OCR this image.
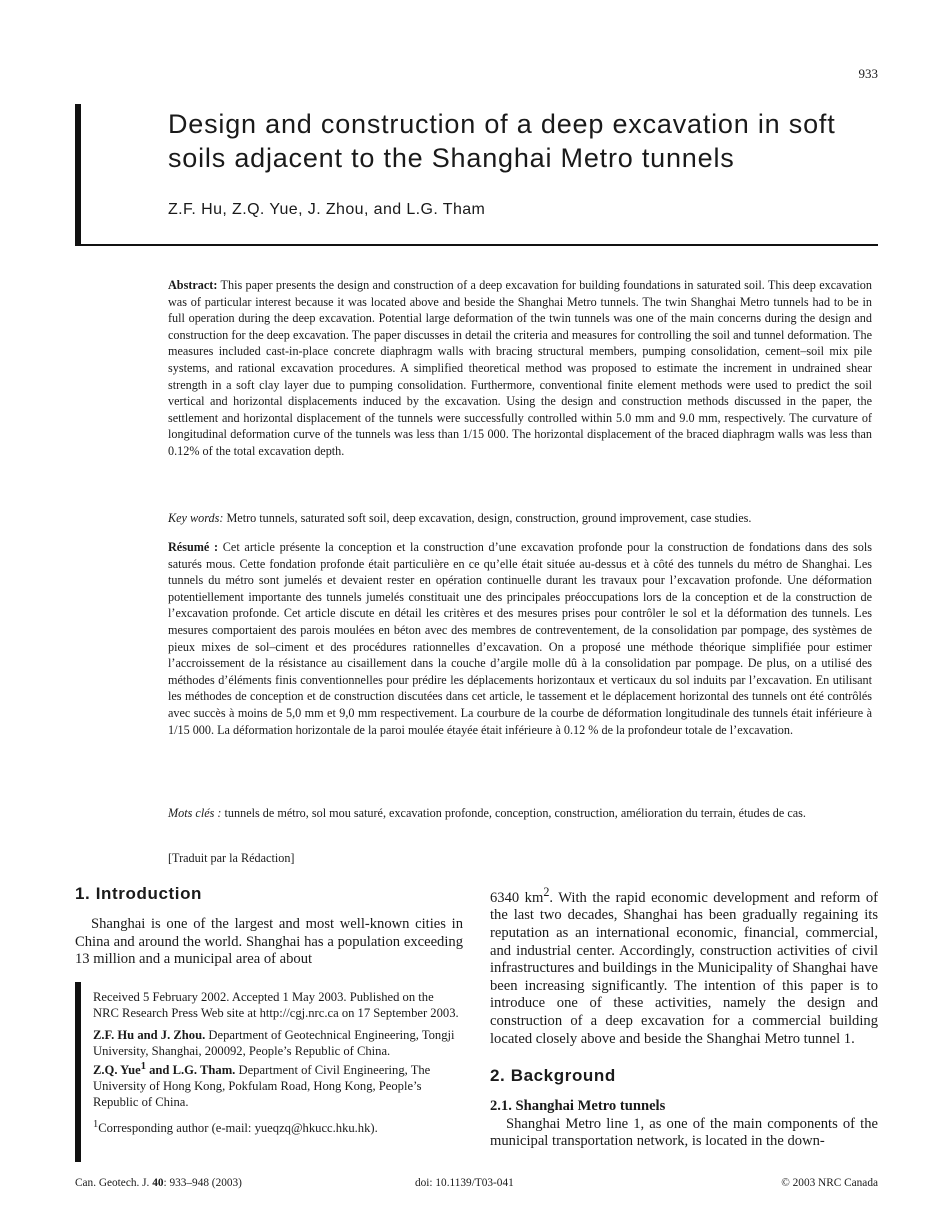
933
Design and construction of a deep excavation in soft soils adjacent to the Shanghai Metro tunnels
Z.F. Hu, Z.Q. Yue, J. Zhou, and L.G. Tham
Abstract: This paper presents the design and construction of a deep excavation for building foundations in saturated soil. This deep excavation was of particular interest because it was located above and beside the Shanghai Metro tunnels. The twin Shanghai Metro tunnels had to be in full operation during the deep excavation. Potential large deformation of the twin tunnels was one of the main concerns during the design and construction for the deep excavation. The paper discusses in detail the criteria and measures for controlling the soil and tunnel deformation. The measures included cast-in-place concrete diaphragm walls with bracing structural members, pumping consolidation, cement–soil mix pile systems, and rational excavation procedures. A simplified theoretical method was proposed to estimate the increment in undrained shear strength in a soft clay layer due to pumping consolidation. Furthermore, conventional finite element methods were used to predict the soil vertical and horizontal displacements induced by the excavation. Using the design and construction methods discussed in the paper, the settlement and horizontal displacement of the tunnels were successfully controlled within 5.0 mm and 9.0 mm, respectively. The curvature of longitudinal deformation curve of the tunnels was less than 1/15 000. The horizontal displacement of the braced diaphragm walls was less than 0.12% of the total excavation depth.
Key words: Metro tunnels, saturated soft soil, deep excavation, design, construction, ground improvement, case studies.
Résumé : Cet article présente la conception et la construction d’une excavation profonde pour la construction de fondations dans des sols saturés mous. Cette fondation profonde était particulière en ce qu’elle était située au-dessus et à côté des tunnels du métro de Shanghai. Les tunnels du métro sont jumelés et devaient rester en opération continuelle durant les travaux pour l’excavation profonde. Une déformation potentiellement importante des tunnels jumelés constituait une des principales préoccupations lors de la conception et de la construction de l’excavation profonde. Cet article discute en détail les critères et des mesures prises pour contrôler le sol et la déformation des tunnels. Les mesures comportaient des parois moulées en béton avec des membres de contreventement, de la consolidation par pompage, des systèmes de pieux mixes de sol–ciment et des procédures rationnelles d’excavation. On a proposé une méthode théorique simplifiée pour estimer l’accroissement de la résistance au cisaillement dans la couche d’argile molle dû à la consolidation par pompage. De plus, on a utilisé des méthodes d’éléments finis conventionnelles pour prédire les déplacements horizontaux et verticaux du sol induits par l’excavation. En utilisant les méthodes de conception et de construction discutées dans cet article, le tassement et le déplacement horizontal des tunnels ont été contrôlés avec succès à moins de 5,0 mm et 9,0 mm respectivement. La courbure de la courbe de déformation longitudinale des tunnels était inférieure à 1/15 000. La déformation horizontale de la paroi moulée étayée était inférieure à 0.12 % de la profondeur totale de l’excavation.
Mots clés : tunnels de métro, sol mou saturé, excavation profonde, conception, construction, amélioration du terrain, études de cas.
[Traduit par la Rédaction]
1. Introduction

Shanghai is one of the largest and most well-known cities in China and around the world. Shanghai has a population exceeding 13 million and a municipal area of about

Received 5 February 2002. Accepted 1 May 2003. Published on the NRC Research Press Web site at http://cgj.nrc.ca on 17 September 2003.

Z.F. Hu and J. Zhou. Department of Geotechnical Engineering, Tongji University, Shanghai, 200092, People’s Republic of China.

Z.Q. Yue$^1$ and L.G. Tham. Department of Civil Engineering, The University of Hong Kong, Pokfulam Road, Hong Kong, People’s Republic of China.

$^1$Corresponding author (e-mail: yueqzq@hkucc.hku.hk).

6340 $km^2$. With the rapid economic development and reform of the last two decades, Shanghai has been gradually regaining its reputation as an international economic, financial, commercial, and industrial center. Accordingly, construction activities of civil infrastructures and buildings in the Municipality of Shanghai have been increasing significantly. The intention of this paper is to introduce one of these activities, namely the design and construction of a deep excavation for a commercial building located closely above and beside the Shanghai Metro tunnel 1.

2. Background

2.1. Shanghai Metro tunnels

Shanghai Metro line 1, as one of the main components of the municipal transportation network, is located in the down-

Can. Geotech. J. 40: 933–948 (2003)	doi: 10.1139/T03-041	© 2003 NRC Canada
